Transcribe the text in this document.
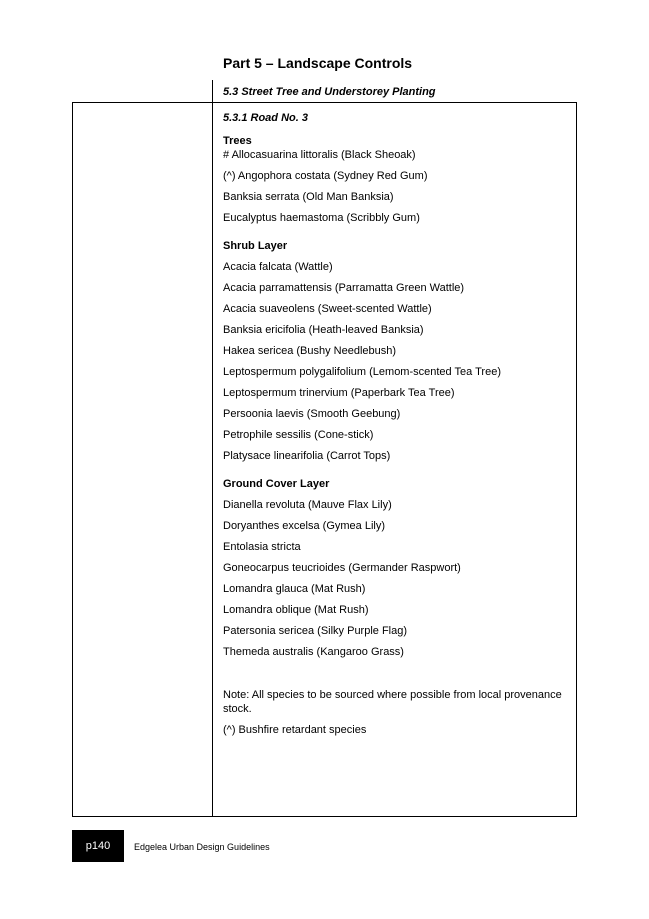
Part 5 – Landscape Controls
5.3 Street Tree and Understorey Planting
5.3.1 Road No. 3
Trees
# Allocasuarina littoralis (Black Sheoak)
(^) Angophora costata (Sydney Red Gum)
Banksia serrata (Old Man Banksia)
Eucalyptus haemastoma (Scribbly Gum)
Shrub Layer
Acacia falcata (Wattle)
Acacia parramattensis (Parramatta Green Wattle)
Acacia suaveolens (Sweet-scented Wattle)
Banksia ericifolia (Heath-leaved Banksia)
Hakea sericea (Bushy Needlebush)
Leptospermum polygalifolium (Lemom-scented Tea Tree)
Leptospermum trinervium (Paperbark Tea Tree)
Persoonia laevis (Smooth Geebung)
Petrophile sessilis (Cone-stick)
Platysace linearifolia (Carrot Tops)
Ground Cover Layer
Dianella revoluta (Mauve Flax Lily)
Doryanthes excelsa (Gymea Lily)
Entolasia stricta
Goneocarpus teucrioides (Germander Raspwort)
Lomandra glauca (Mat Rush)
Lomandra oblique (Mat Rush)
Patersonia sericea (Silky Purple Flag)
Themeda australis (Kangaroo Grass)

Note: All species to be sourced where possible from local provenance stock.

(^) Bushfire retardant species

p140	Edgelea Urban Design Guidelines
